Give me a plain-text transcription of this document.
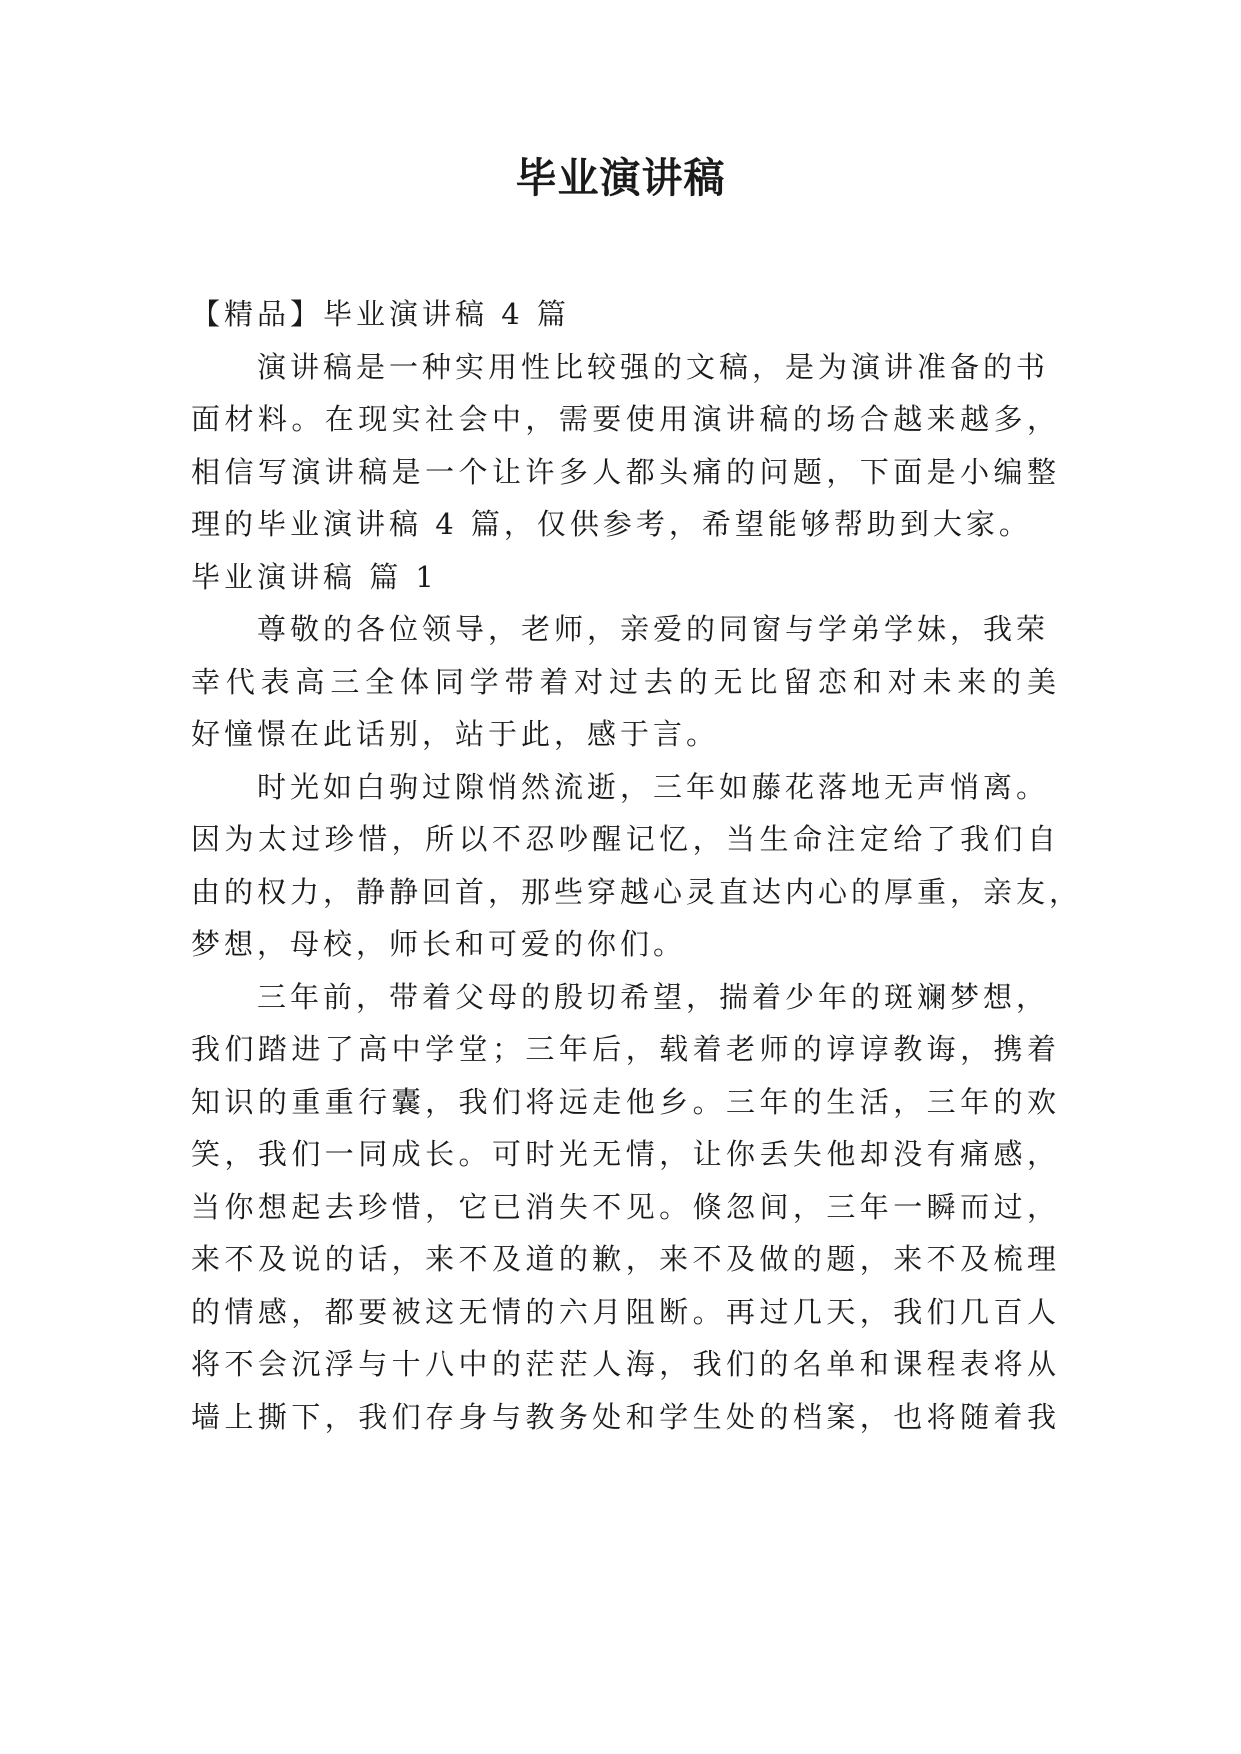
毕业演讲稿
【精品】毕业演讲稿 4 篇
演讲稿是一种实用性比较强的文稿，是为演讲准备的书
面材料。在现实社会中，需要使用演讲稿的场合越来越多，
相信写演讲稿是一个让许多人都头痛的问题，下面是小编整
理的毕业演讲稿 4 篇，仅供参考，希望能够帮助到大家。
毕业演讲稿 篇 1
尊敬的各位领导，老师，亲爱的同窗与学弟学妹，我荣
幸代表高三全体同学带着对过去的无比留恋和对未来的美
好憧憬在此话别，站于此，感于言。
时光如白驹过隙悄然流逝，三年如藤花落地无声悄离。
因为太过珍惜，所以不忍吵醒记忆，当生命注定给了我们自
由的权力，静静回首，那些穿越心灵直达内心的厚重，亲友，
梦想，母校，师长和可爱的你们。
三年前，带着父母的殷切希望，揣着少年的斑斓梦想，
我们踏进了高中学堂；三年后，载着老师的谆谆教诲，携着
知识的重重行囊，我们将远走他乡。三年的生活，三年的欢
笑，我们一同成长。可时光无情，让你丢失他却没有痛感，
当你想起去珍惜，它已消失不见。倏忽间，三年一瞬而过，
来不及说的话，来不及道的歉，来不及做的题，来不及梳理
的情感，都要被这无情的六月阻断。再过几天，我们几百人
将不会沉浮与十八中的茫茫人海，我们的名单和课程表将从
墙上撕下，我们存身与教务处和学生处的档案，也将随着我
